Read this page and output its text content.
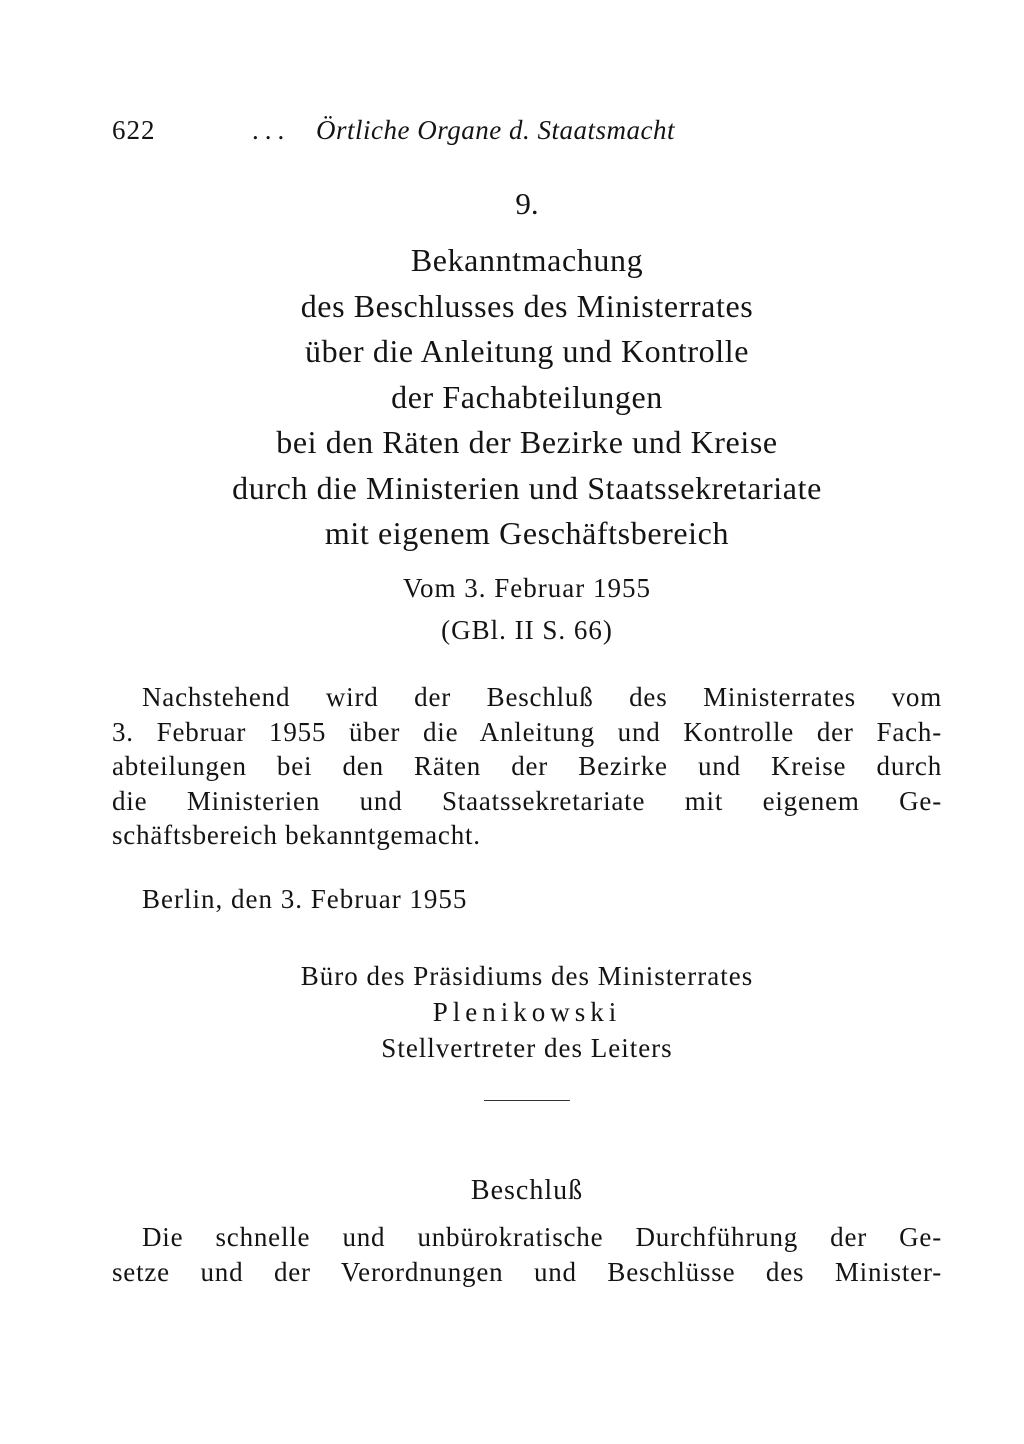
622	... Örtliche Organe d. Staatsmacht
9.
Bekanntmachung
des Beschlusses des Ministerrates
über die Anleitung und Kontrolle
der Fachabteilungen
bei den Räten der Bezirke und Kreise
durch die Ministerien und Staatssekretariate
mit eigenem Geschäftsbereich
Vom 3. Februar 1955
(GBl. II S. 66)
Nachstehend wird der Beschluß des Ministerrates vom
3. Februar 1955 über die Anleitung und Kontrolle der Fach-
abteilungen bei den Räten der Bezirke und Kreise durch
die Ministerien und Staatssekretariate mit eigenem Ge-
schäftsbereich bekanntgemacht.
Berlin, den 3. Februar 1955
Büro des Präsidiums des Ministerrates
Plenikowski
Stellvertreter des Leiters
Beschluß
Die schnelle und unbürokratische Durchführung der Ge-
setze und der Verordnungen und Beschlüsse des Minister-
